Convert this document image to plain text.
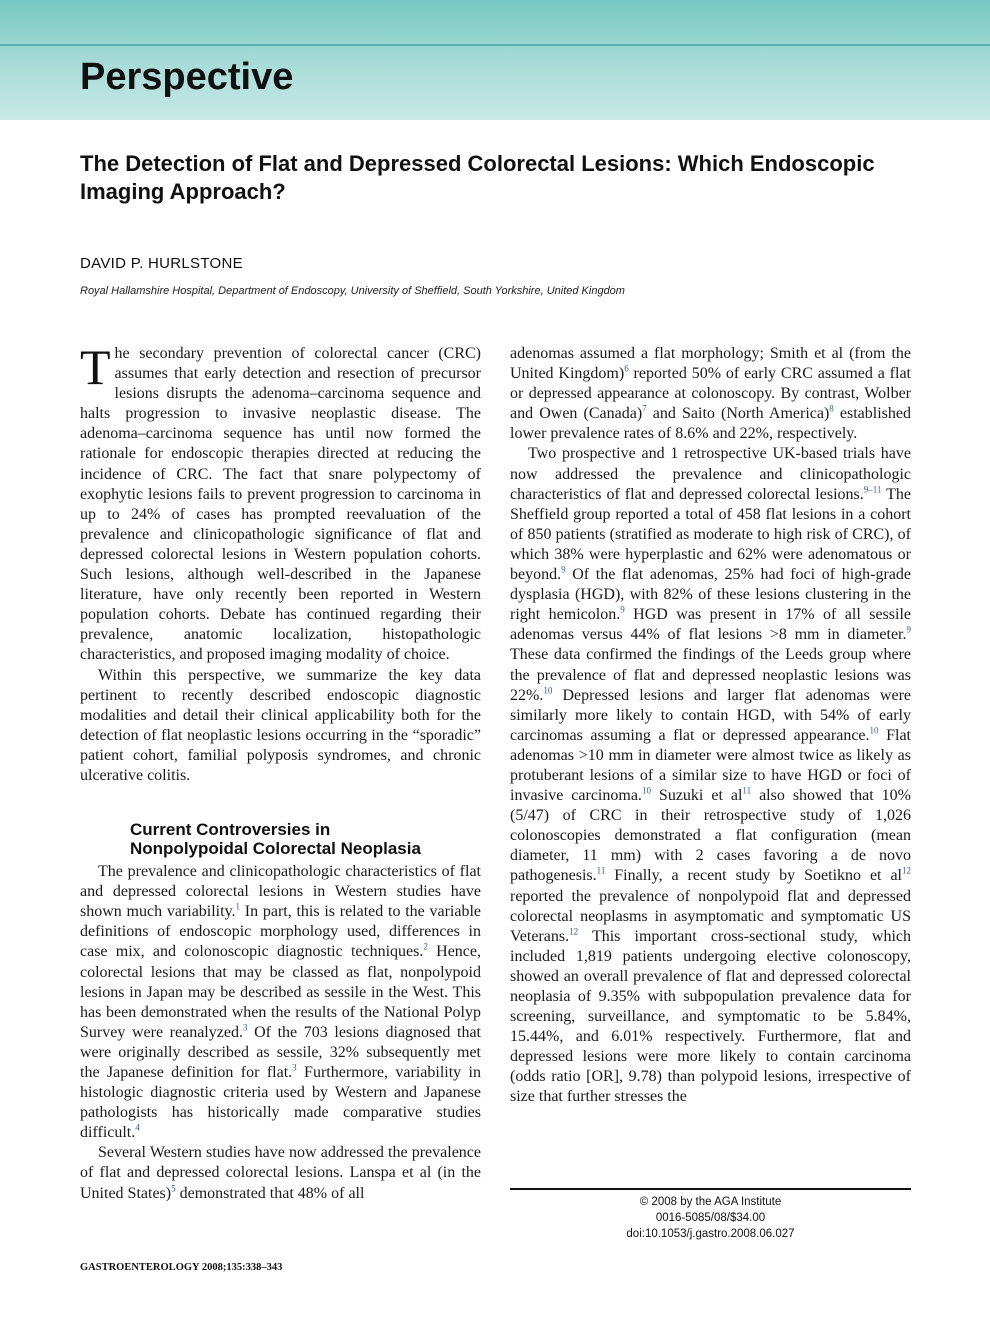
Perspective
The Detection of Flat and Depressed Colorectal Lesions: Which Endoscopic Imaging Approach?
DAVID P. HURLSTONE
Royal Hallamshire Hospital, Department of Endoscopy, University of Sheffield, South Yorkshire, United Kingdom

The secondary prevention of colorectal cancer (CRC) assumes that early detection and resection of precursor lesions disrupts the adenoma–carcinoma sequence and halts progression to invasive neoplastic disease. The adenoma–carcinoma sequence has until now formed the rationale for endoscopic therapies directed at reducing the incidence of CRC. The fact that snare polypectomy of exophytic lesions fails to prevent progression to carcinoma in up to 24% of cases has prompted reevaluation of the prevalence and clinicopathologic significance of flat and depressed colorectal lesions in Western population cohorts. Such lesions, although well-described in the Japanese literature, have only recently been reported in Western population cohorts. Debate has continued regarding their prevalence, anatomic localization, histopathologic characteristics, and proposed imaging modality of choice.

Within this perspective, we summarize the key data pertinent to recently described endoscopic diagnostic modalities and detail their clinical applicability both for the detection of flat neoplastic lesions occurring in the “sporadic” patient cohort, familial polyposis syndromes, and chronic ulcerative colitis.

Current Controversies in
Nonpolypoidal Colorectal Neoplasia

The prevalence and clinicopathologic characteristics of flat and depressed colorectal lesions in Western studies have shown much variability.$^1$ In part, this is related to the variable definitions of endoscopic morphology used, differences in case mix, and colonoscopic diagnostic techniques.$^2$ Hence, colorectal lesions that may be classed as flat, nonpolypoid lesions in Japan may be described as sessile in the West. This has been demonstrated when the results of the National Polyp Survey were reanalyzed.$^3$ Of the 703 lesions diagnosed that were originally described as sessile, 32% subsequently met the Japanese definition for flat.$^3$ Furthermore, variability in histologic diagnostic criteria used by Western and Japanese pathologists has historically made comparative studies difficult.$^4$

Several Western studies have now addressed the prevalence of flat and depressed colorectal lesions. Lanspa et al (in the United States)$^5$ demonstrated that 48% of all

adenomas assumed a flat morphology; Smith et al (from the United Kingdom)$^6$ reported 50% of early CRC assumed a flat or depressed appearance at colonoscopy. By contrast, Wolber and Owen (Canada)$^7$ and Saito (North America)$^8$ established lower prevalence rates of 8.6% and 22%, respectively.

Two prospective and 1 retrospective UK-based trials have now addressed the prevalence and clinicopathologic characteristics of flat and depressed colorectal lesions.$^{9-11}$ The Sheffield group reported a total of 458 flat lesions in a cohort of 850 patients (stratified as moderate to high risk of CRC), of which 38% were hyperplastic and 62% were adenomatous or beyond.$^9$ Of the flat adenomas, 25% had foci of high-grade dysplasia (HGD), with 82% of these lesions clustering in the right hemicolon.$^9$ HGD was present in 17% of all sessile adenomas versus 44% of flat lesions >8 mm in diameter.$^9$ These data confirmed the findings of the Leeds group where the prevalence of flat and depressed neoplastic lesions was 22%.$^{10}$ Depressed lesions and larger flat adenomas were similarly more likely to contain HGD, with 54% of early carcinomas assuming a flat or depressed appearance.$^{10}$ Flat adenomas >10 mm in diameter were almost twice as likely as protuberant lesions of a similar size to have HGD or foci of invasive carcinoma.$^{10}$ Suzuki et $al^{11}$ also showed that 10% (5/47) of CRC in their retrospective study of 1,026 colonoscopies demonstrated a flat configuration (mean diameter, 11 mm) with 2 cases favoring a de novo pathogenesis.$^{11}$ Finally, a recent study by Soetikno et $al^{12}$ reported the prevalence of nonpolypoid flat and depressed colorectal neoplasms in asymptomatic and symptomatic US Veterans.$^{12}$ This important cross-sectional study, which included 1,819 patients undergoing elective colonoscopy, showed an overall prevalence of flat and depressed colorectal neoplasia of 9.35% with subpopulation prevalence data for screening, surveillance, and symptomatic to be 5.84%, 15.44%, and 6.01% respectively. Furthermore, flat and depressed lesions were more likely to contain carcinoma (odds ratio [OR], 9.78) than polypoid lesions, irrespective of size that further stresses the

© 2008 by the AGA Institute
0016-5085/08/$34.00
doi:10.1053/j.gastro.2008.06.027
GASTROENTEROLOGY 2008;135:338–343
